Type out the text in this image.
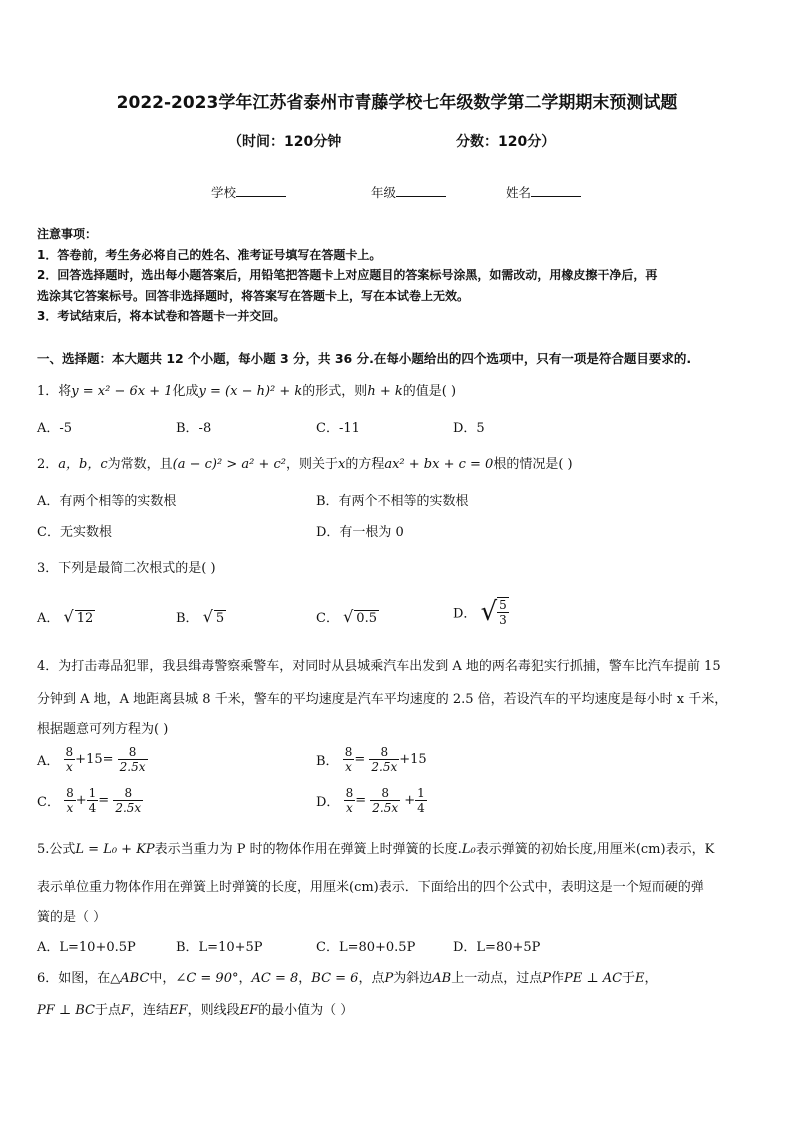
2022-2023学年江苏省泰州市青藤学校七年级数学第二学期期末预测试题
（时间：120分钟	分数：120分）
学校	年级	姓名
注意事项：
1．答卷前，考生务必将自己的姓名、准考证号填写在答题卡上。
2．回答选择题时，选出每小题答案后，用铅笔把答题卡上对应题目的答案标号涂黑，如需改动，用橡皮擦干净后，再
选涂其它答案标号。回答非选择题时，将答案写在答题卡上，写在本试卷上无效。
3．考试结束后，将本试卷和答题卡一并交回。
一、选择题：本大题共 12 个小题，每小题 3 分，共 36 分.在每小题给出的四个选项中，只有一项是符合题目要求的.
1．将y = x² − 6x + 1化成y = (x − h)² + k的形式，则h + k的值是( )
A．-5	B．-8	C．-11	D．5
2．a，b，c为常数，且(a − c)² > a² + c²，则关于x的方程ax² + bx + c = 0根的情况是( )
A．有两个相等的实数根	B．有两个不相等的实数根
C．无实数根	D．有一根为 0
3．下列是最简二次根式的是( )
A． √ 12	B． √ 5	C． √ 0.5	D． √ $\frac{5}{3}$
4．为打击毒品犯罪，我县缉毒警察乘警车，对同时从县城乘汽车出发到 A 地的两名毒犯实行抓捕，警车比汽车提前 15
分钟到 A 地，A 地距离县城 8 千米，警车的平均速度是汽车平均速度的 2.5 倍，若设汽车的平均速度是每小时 x 千米，
根据题意可列方程为( )
A． $\frac{8}{x} +15= \frac{8}{2.5x}$	B． $\frac{8}{x} = \frac{8}{2.5x} +15$
C． $\frac{8}{x} + \frac{1}{4} = \frac{8}{2.5x}$	D． $\frac{8}{x} = \frac{8}{2.5x} + \frac{1}{4}$
5.公式L = L₀ + KP表示当重力为 P 时的物体作用在弹簧上时弹簧的长度.L₀表示弹簧的初始长度,用厘米(cm)表示，K
表示单位重力物体作用在弹簧上时弹簧的长度，用厘米(cm)表示．下面给出的四个公式中，表明这是一个短而硬的弹
簧的是（ ）
A．L=10+0.5P	B．L=10+5P	C．L=80+0.5P	D．L=80+5P
6．如图，在△ABC中，∠C = 90°，AC = 8，BC = 6，点P为斜边AB上一动点，过点P作PE ⊥ AC于E，
PF ⊥ BC于点F，连结EF，则线段EF的最小值为（ ）
